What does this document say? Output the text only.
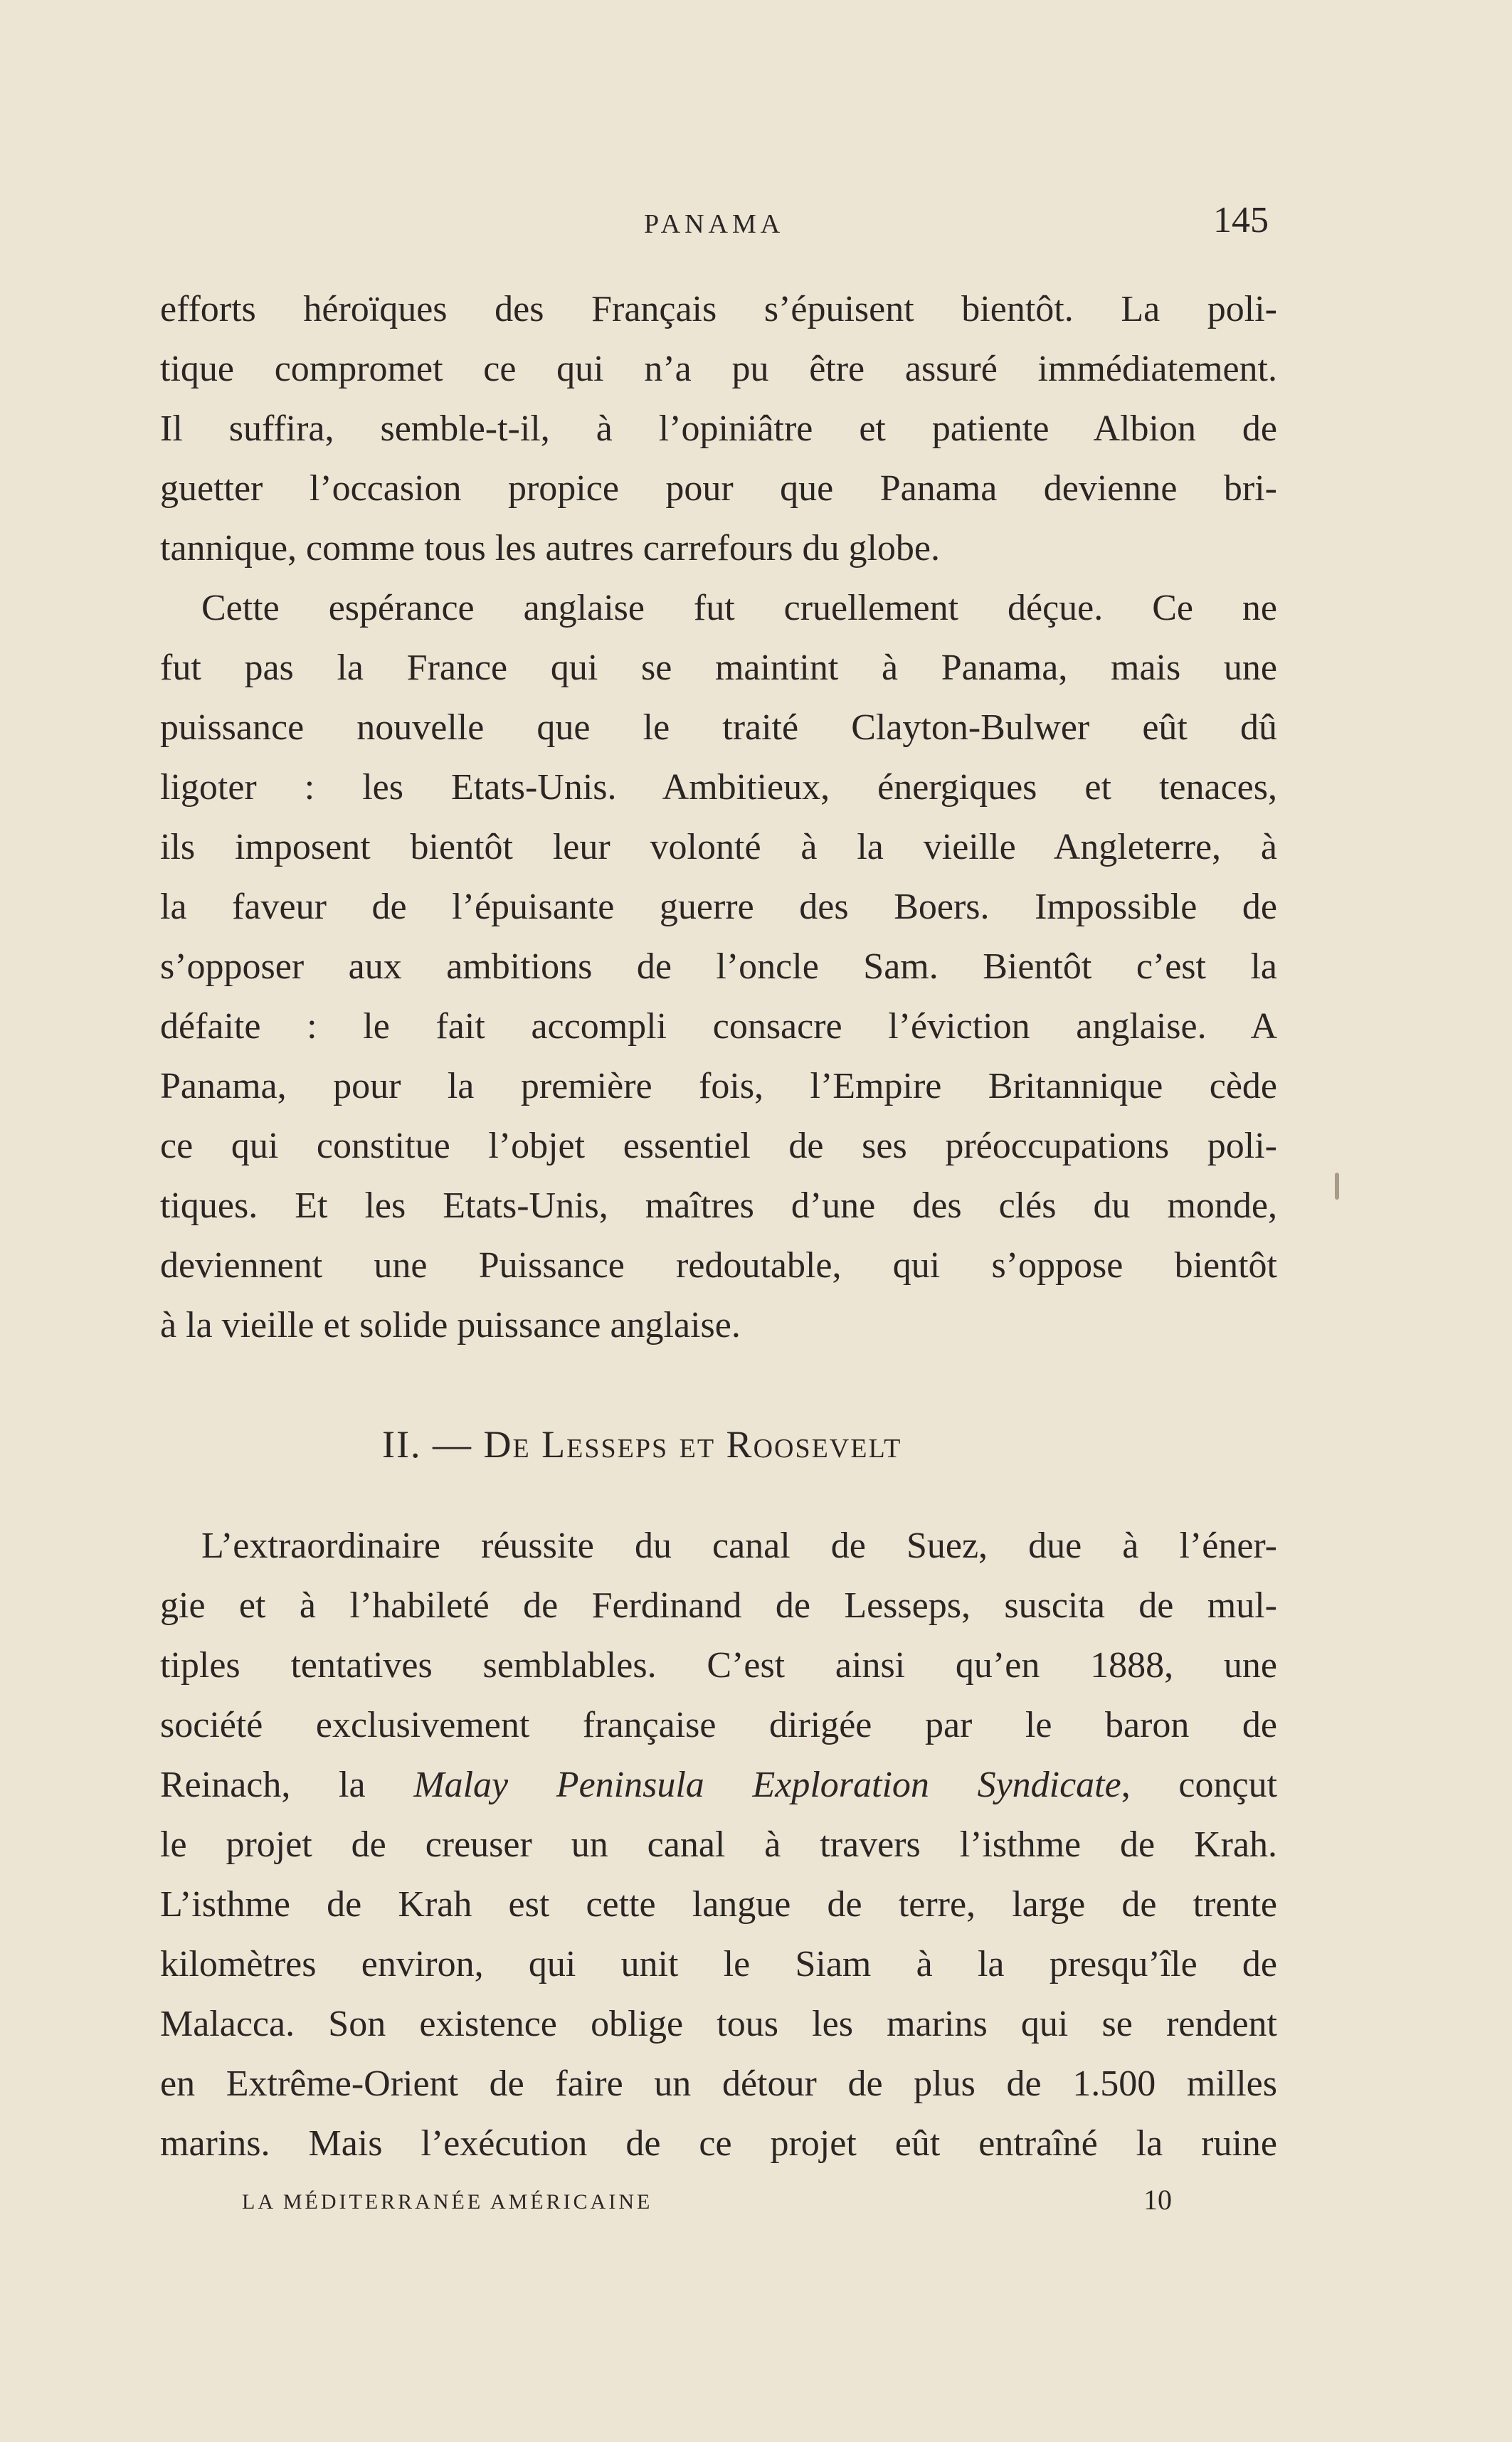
PANAMA	145
efforts héroïques des Français s’épuisent bientôt. La poli-
tique compromet ce qui n’a pu être assuré immédiatement.
Il suffira, semble-t-il, à l’opiniâtre et patiente Albion de
guetter l’occasion propice pour que Panama devienne bri-
tannique, comme tous les autres carrefours du globe.
Cette espérance anglaise fut cruellement déçue. Ce ne
fut pas la France qui se maintint à Panama, mais une
puissance nouvelle que le traité Clayton-Bulwer eût dû
ligoter : les Etats-Unis. Ambitieux, énergiques et tenaces,
ils imposent bientôt leur volonté à la vieille Angleterre, à
la faveur de l’épuisante guerre des Boers. Impossible de
s’opposer aux ambitions de l’oncle Sam. Bientôt c’est la
défaite : le fait accompli consacre l’éviction anglaise. A
Panama, pour la première fois, l’Empire Britannique cède
ce qui constitue l’objet essentiel de ses préoccupations poli-
tiques. Et les Etats-Unis, maîtres d’une des clés du monde,
deviennent une Puissance redoutable, qui s’oppose bientôt
à la vieille et solide puissance anglaise.
II. — De Lesseps et Roosevelt
L’extraordinaire réussite du canal de Suez, due à l’éner-
gie et à l’habileté de Ferdinand de Lesseps, suscita de mul-
tiples tentatives semblables. C’est ainsi qu’en 1888, une
société exclusivement française dirigée par le baron de
Reinach, la Malay Peninsula Exploration Syndicate, conçut
le projet de creuser un canal à travers l’isthme de Krah.
L’isthme de Krah est cette langue de terre, large de trente
kilomètres environ, qui unit le Siam à la presqu’île de
Malacca. Son existence oblige tous les marins qui se rendent
en Extrême-Orient de faire un détour de plus de 1.500 milles
marins. Mais l’exécution de ce projet eût entraîné la ruine
LA MÉDITERRANÉE AMÉRICAINE	10
